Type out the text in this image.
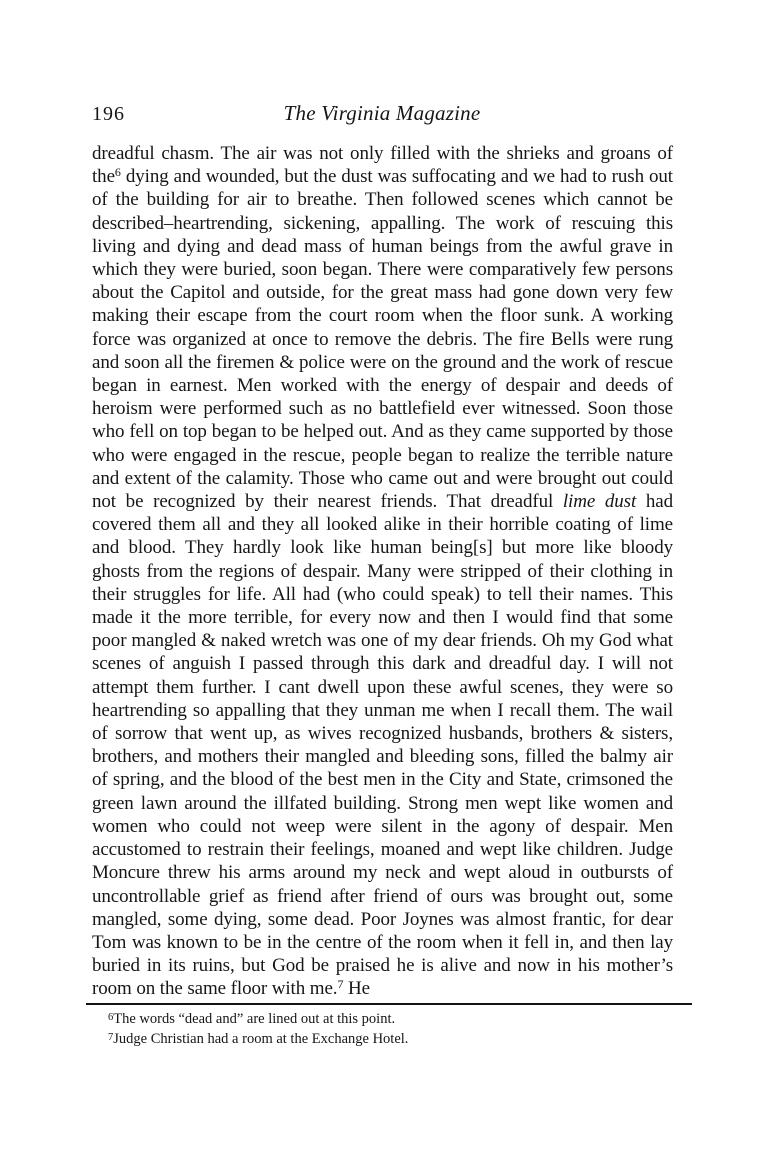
196	The Virginia Magazine

dreadful chasm. The air was not only filled with the shrieks and groans of the$^6$ dying and wounded, but the dust was suffocating and we had to rush out of the building for air to breathe. Then followed scenes which cannot be described–heartrending, sickening, appalling. The work of rescuing this living and dying and dead mass of human beings from the awful grave in which they were buried, soon began. There were comparatively few persons about the Capitol and outside, for the great mass had gone down very few making their escape from the court room when the floor sunk. A working force was organized at once to remove the debris. The fire Bells were rung and soon all the firemen & police were on the ground and the work of rescue began in earnest. Men worked with the energy of despair and deeds of heroism were performed such as no battlefield ever witnessed. Soon those who fell on top began to be helped out. And as they came supported by those who were engaged in the rescue, people began to realize the terrible nature and extent of the calamity. Those who came out and were brought out could not be recognized by their nearest friends. That dreadful lime dust had covered them all and they all looked alike in their horrible coating of lime and blood. They hardly look like human being[s] but more like bloody ghosts from the regions of despair. Many were stripped of their clothing in their struggles for life. All had (who could speak) to tell their names. This made it the more terrible, for every now and then I would find that some poor mangled & naked wretch was one of my dear friends. Oh my God what scenes of anguish I passed through this dark and dreadful day. I will not attempt them further. I cant dwell upon these awful scenes, they were so heartrending so appalling that they unman me when I recall them. The wail of sorrow that went up, as wives recognized husbands, brothers & sisters, brothers, and mothers their mangled and bleeding sons, filled the balmy air of spring, and the blood of the best men in the City and State, crimsoned the green lawn around the illfated building. Strong men wept like women and women who could not weep were silent in the agony of despair. Men accustomed to restrain their feelings, moaned and wept like children. Judge Moncure threw his arms around my neck and wept aloud in outbursts of uncontrollable grief as friend after friend of ours was brought out, some mangled, some dying, some dead. Poor Joynes was almost frantic, for dear Tom was known to be in the centre of the room when it fell in, and then lay buried in its ruins, but God be praised he is alive and now in his mother’s room on the same floor with me.$^7$ He

$^6$The words “dead and” are lined out at this point.
$^7$Judge Christian had a room at the Exchange Hotel.
